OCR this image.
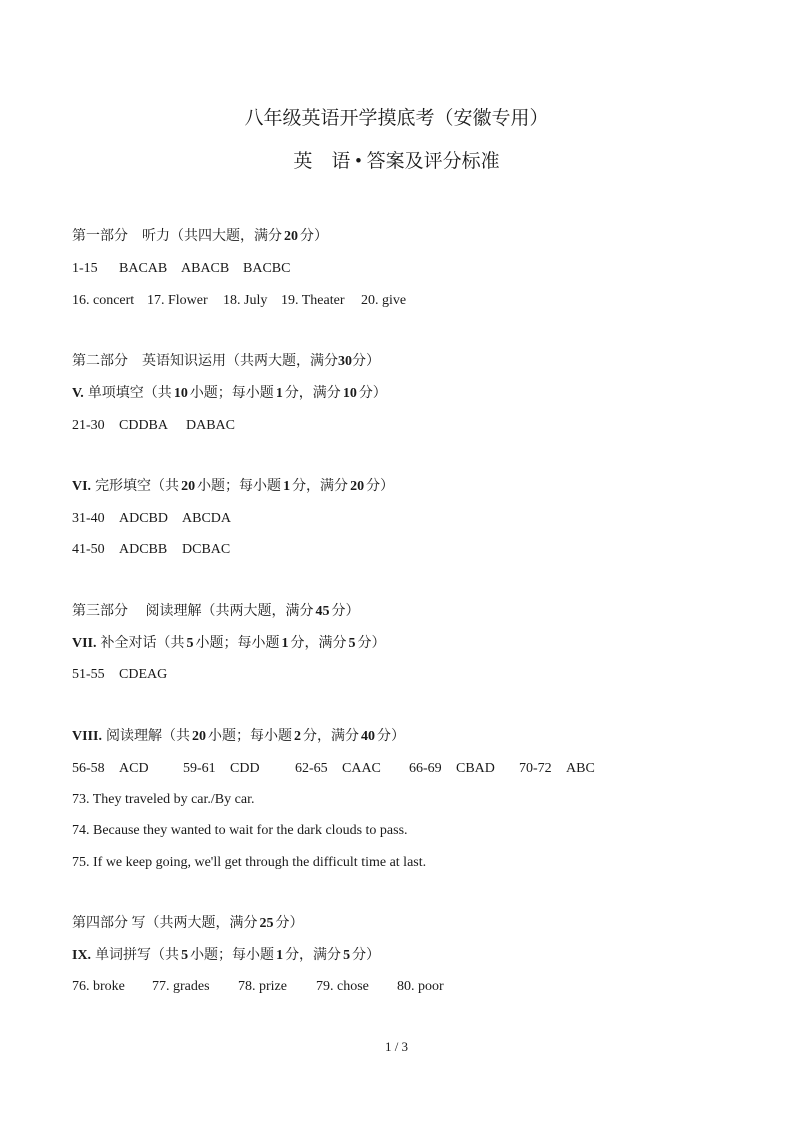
八年级英语开学摸底考（安徽专用）
英　语 • 答案及评分标准
第一部分　听力（共四大题，满分 20 分）
1-15 BACAB ABACB BACBC
16. concert 17. Flower 18. July 19. Theater 20. give
第二部分　英语知识运用（共两大题，满分30分）
V. 单项填空（共 10 小题；每小题 1 分，满分 10 分）
21-30 CDDBA DABAC
VI. 完形填空（共 20 小题；每小题 1 分，满分 20 分）
31-40 ADCBD ABCDA
41-50 ADCBB DCBAC
第三部分　 阅读理解（共两大题，满分 45 分）
VII. 补全对话（共 5 小题；每小题 1 分，满分 5 分）
51-55 CDEAG
VIII. 阅读理解（共 20 小题；每小题 2 分，满分 40 分）
56-58 ACD 59-61 CDD	62-65 CAAC 66-69 CBAD 70-72 ABC
73. They traveled by car./By car.
74. Because they wanted to wait for the dark clouds to pass.
75. If we keep going, we'll get through the difficult time at last.
第四部分 写（共两大题，满分 25 分）
IX. 单词拼写（共 5 小题；每小题 1 分，满分 5 分）
76. broke 77. grades 78. prize 79. chose 80. poor
1 / 3
